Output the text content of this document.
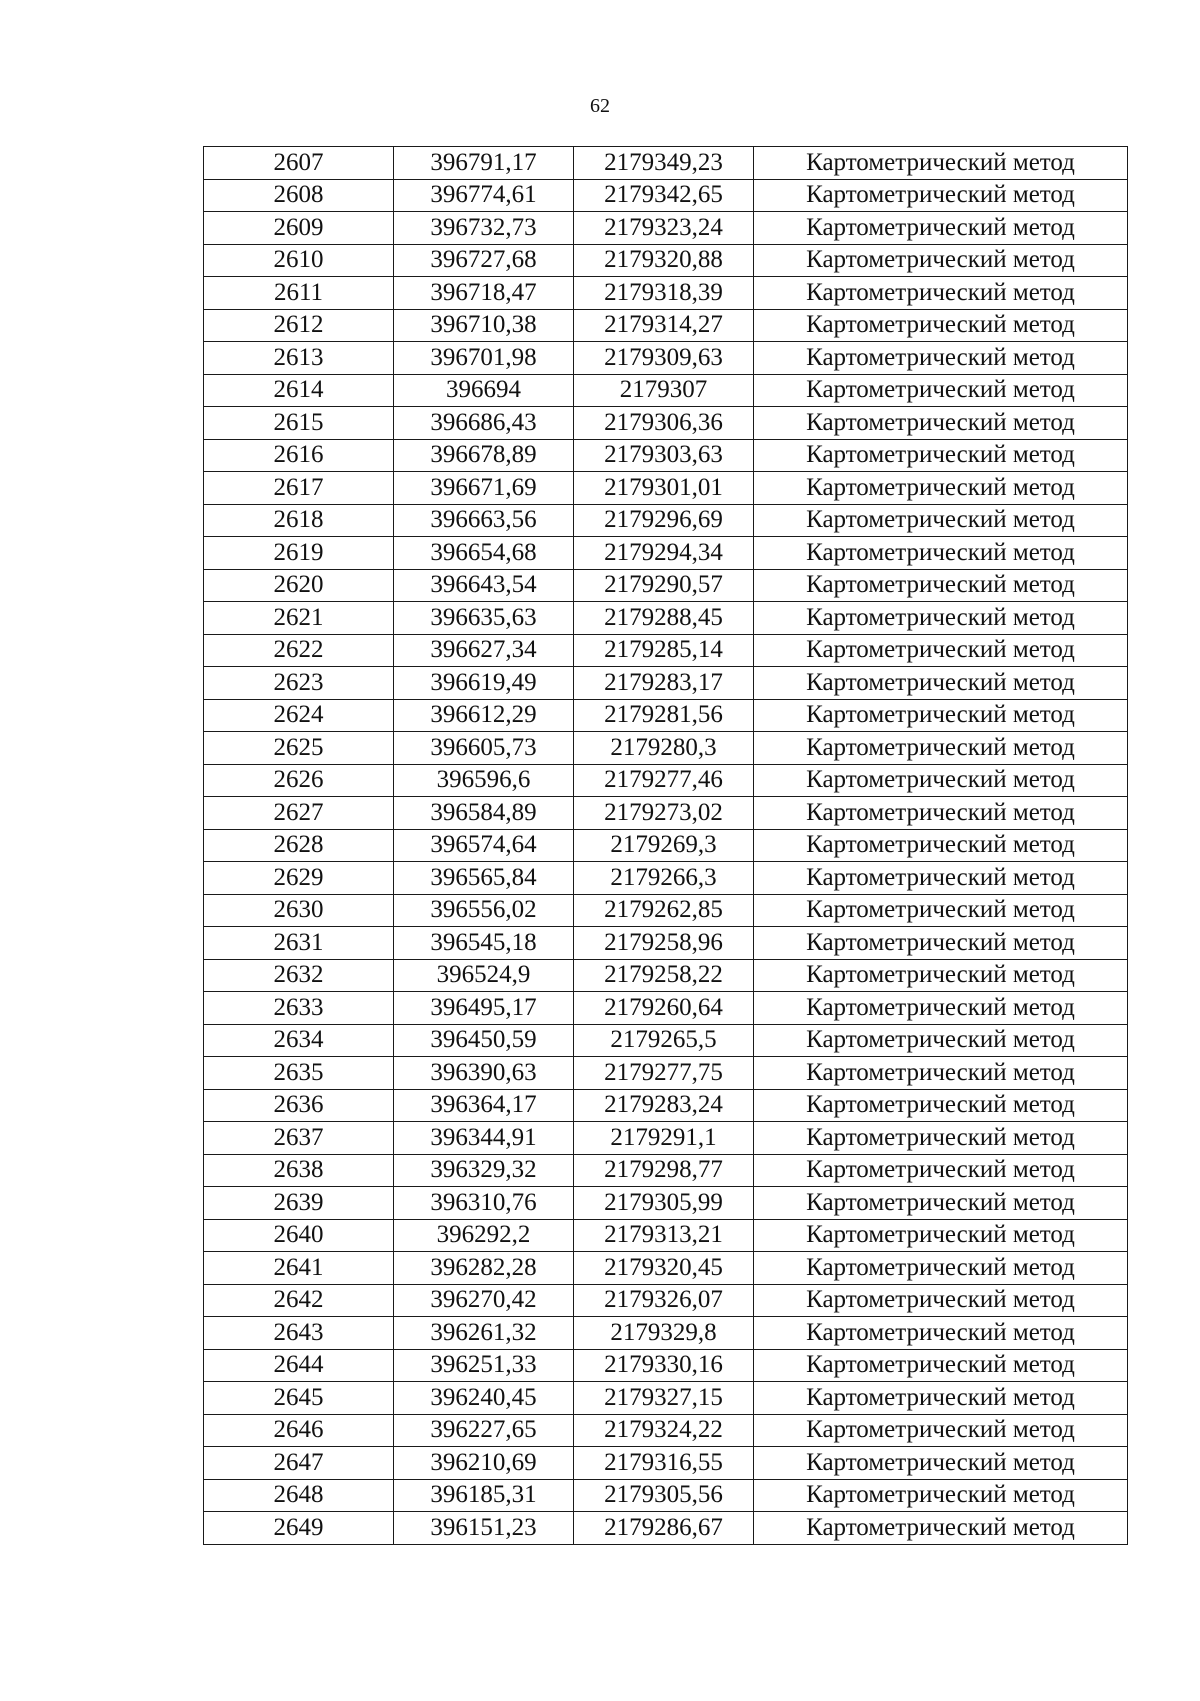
62
2607	396791,17	2179349,23	Картометрический метод
2608	396774,61	2179342,65	Картометрический метод
2609	396732,73	2179323,24	Картометрический метод
2610	396727,68	2179320,88	Картометрический метод
2611	396718,47	2179318,39	Картометрический метод
2612	396710,38	2179314,27	Картометрический метод
2613	396701,98	2179309,63	Картометрический метод
2614	396694	2179307	Картометрический метод
2615	396686,43	2179306,36	Картометрический метод
2616	396678,89	2179303,63	Картометрический метод
2617	396671,69	2179301,01	Картометрический метод
2618	396663,56	2179296,69	Картометрический метод
2619	396654,68	2179294,34	Картометрический метод
2620	396643,54	2179290,57	Картометрический метод
2621	396635,63	2179288,45	Картометрический метод
2622	396627,34	2179285,14	Картометрический метод
2623	396619,49	2179283,17	Картометрический метод
2624	396612,29	2179281,56	Картометрический метод
2625	396605,73	2179280,3	Картометрический метод
2626	396596,6	2179277,46	Картометрический метод
2627	396584,89	2179273,02	Картометрический метод
2628	396574,64	2179269,3	Картометрический метод
2629	396565,84	2179266,3	Картометрический метод
2630	396556,02	2179262,85	Картометрический метод
2631	396545,18	2179258,96	Картометрический метод
2632	396524,9	2179258,22	Картометрический метод
2633	396495,17	2179260,64	Картометрический метод
2634	396450,59	2179265,5	Картометрический метод
2635	396390,63	2179277,75	Картометрический метод
2636	396364,17	2179283,24	Картометрический метод
2637	396344,91	2179291,1	Картометрический метод
2638	396329,32	2179298,77	Картометрический метод
2639	396310,76	2179305,99	Картометрический метод
2640	396292,2	2179313,21	Картометрический метод
2641	396282,28	2179320,45	Картометрический метод
2642	396270,42	2179326,07	Картометрический метод
2643	396261,32	2179329,8	Картометрический метод
2644	396251,33	2179330,16	Картометрический метод
2645	396240,45	2179327,15	Картометрический метод
2646	396227,65	2179324,22	Картометрический метод
2647	396210,69	2179316,55	Картометрический метод
2648	396185,31	2179305,56	Картометрический метод
2649	396151,23	2179286,67	Картометрический метод
